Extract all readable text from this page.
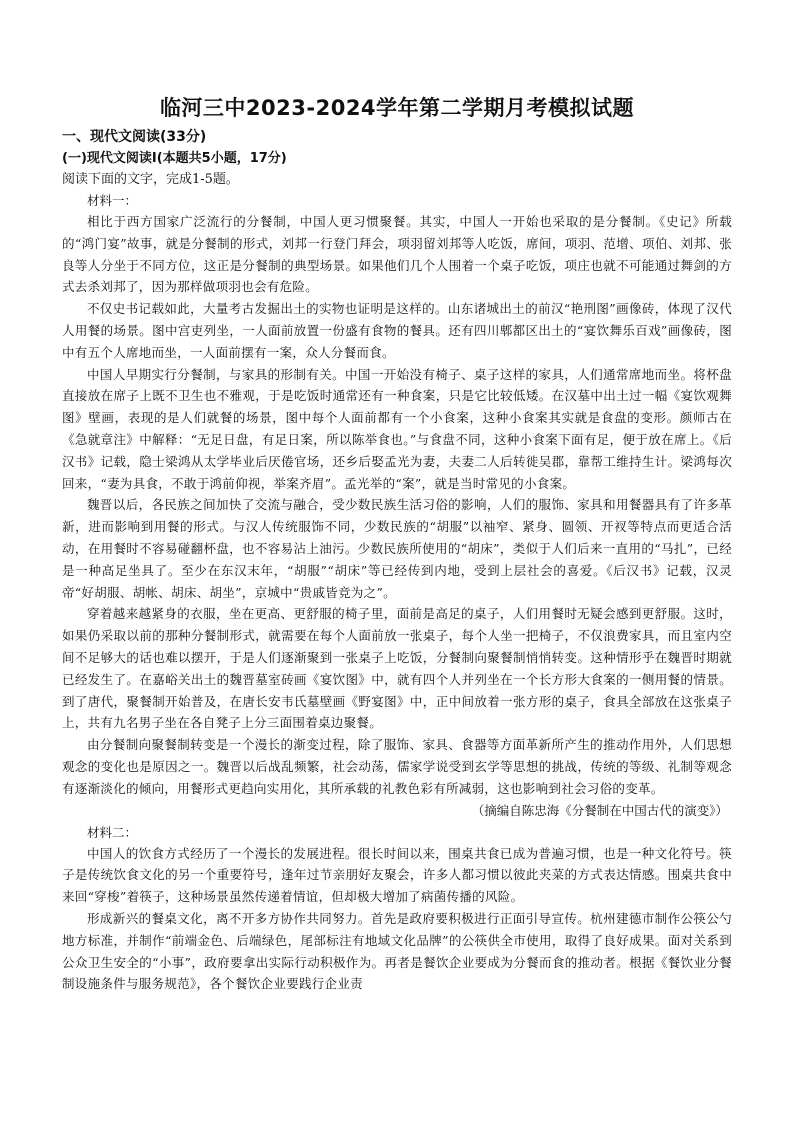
临河三中2023-2024学年第二学期月考模拟试题

一、现代文阅读(33分)

(一)现代文阅读Ⅰ(本题共5小题，17分)

阅读下面的文字，完成1-5题。

材料一：

相比于西方国家广泛流行的分餐制，中国人更习惯聚餐。其实，中国人一开始也采取的是分餐制。《史记》所载的“鸿门宴”故事，就是分餐制的形式，刘邦一行登门拜会，项羽留刘邦等人吃饭，席间，项羽、范增、项伯、刘邦、张良等人分坐于不同方位，这正是分餐制的典型场景。如果他们几个人围着一个桌子吃饭，项庄也就不可能通过舞剑的方式去杀刘邦了，因为那样做项羽也会有危险。

不仅史书记载如此，大量考古发掘出土的实物也证明是这样的。山东诸城出土的前汉“艳刑图”画像砖，体现了汉代人用餐的场景。图中宫吏列坐，一人面前放置一份盛有食物的餐具。还有四川郫都区出土的“宴饮舞乐百戏”画像砖，图中有五个人席地而坐，一人面前摆有一案，众人分餐而食。

中国人早期实行分餐制，与家具的形制有关。中国一开始没有椅子、桌子这样的家具，人们通常席地而坐。将杯盘直接放在席子上既不卫生也不雅观，于是吃饭时通常还有一种食案，只是它比较低矮。在汉墓中出土过一幅《宴饮观舞图》壁画，表现的是人们就餐的场景，图中每个人面前都有一个小食案，这种小食案其实就是食盘的变形。颜师古在《急就章注》中解释：“无足日盘，有足日案，所以陈举食也。”与食盘不同，这种小食案下面有足，便于放在席上。《后汉书》记载，隐士梁鸿从太学毕业后厌倦官场，还乡后娶孟光为妻，夫妻二人后转徙吴郡，靠帮工维持生计。梁鸿每次回来，“妻为具食，不敢于鸿前仰视，举案齐眉”。孟光举的“案”，就是当时常见的小食案。

魏晋以后，各民族之间加快了交流与融合，受少数民族生活习俗的影响，人们的服饰、家具和用餐器具有了许多革新，进而影响到用餐的形式。与汉人传统服饰不同，少数民族的“胡服”以袖窄、紧身、圆领、开衩等特点而更适合活动，在用餐时不容易碰翻杯盘，也不容易沾上油污。少数民族所使用的“胡床”，类似于人们后来一直用的“马扎”，已经是一种高足坐具了。至少在东汉末年，“胡服”“胡床”等已经传到内地，受到上层社会的喜爱。《后汉书》记载，汉灵帝“好胡服、胡帐、胡床、胡坐”，京城中“贵戚皆竞为之”。

穿着越来越紧身的衣服，坐在更高、更舒服的椅子里，面前是高足的桌子，人们用餐时无疑会感到更舒服。这时，如果仍采取以前的那种分餐制形式，就需要在每个人面前放一张桌子，每个人坐一把椅子，不仅浪费家具，而且室内空间不足够大的话也难以摆开，于是人们逐渐聚到一张桌子上吃饭，分餐制向聚餐制悄悄转变。这种情形乎在魏晋时期就已经发生了。在嘉峪关出土的魏晋墓室砖画《宴饮图》中，就有四个人并列坐在一个长方形大食案的一侧用餐的情景。到了唐代，聚餐制开始普及，在唐长安韦氏墓壁画《野宴图》中，正中间放着一张方形的桌子，食具全部放在这张桌子上，共有九名男子坐在各自凳子上分三面围着桌边聚餐。

由分餐制向聚餐制转变是一个漫长的渐变过程，除了服饰、家具、食器等方面革新所产生的推动作用外，人们思想观念的变化也是原因之一。魏晋以后战乱频繁，社会动荡，儒家学说受到玄学等思想的挑战，传统的等级、礼制等观念有逐渐淡化的倾向，用餐形式更趋向实用化，其所承载的礼教色彩有所减弱，这也影响到社会习俗的变革。

（摘编自陈忠海《分餐制在中国古代的演变》）

材料二：

中国人的饮食方式经历了一个漫长的发展进程。很长时间以来，围桌共食已成为普遍习惯，也是一种文化符号。筷子是传统饮食文化的另一个重要符号，逢年过节亲朋好友聚会，许多人都习惯以彼此夹菜的方式表达情感。围桌共食中来回“穿梭”着筷子，这种场景虽然传递着情谊，但却极大增加了病菌传播的风险。

形成新兴的餐桌文化，离不开多方协作共同努力。首先是政府要积极进行正面引导宣传。杭州建德市制作公筷公勺地方标准，并制作“前端金色、后端绿色，尾部标注有地域文化品牌”的公筷供全市使用，取得了良好成果。面对关系到公众卫生安全的“小事”，政府要拿出实际行动积极作为。再者是餐饮企业要成为分餐而食的推动者。根据《餐饮业分餐制设施条件与服务规范》，各个餐饮企业要践行企业责
